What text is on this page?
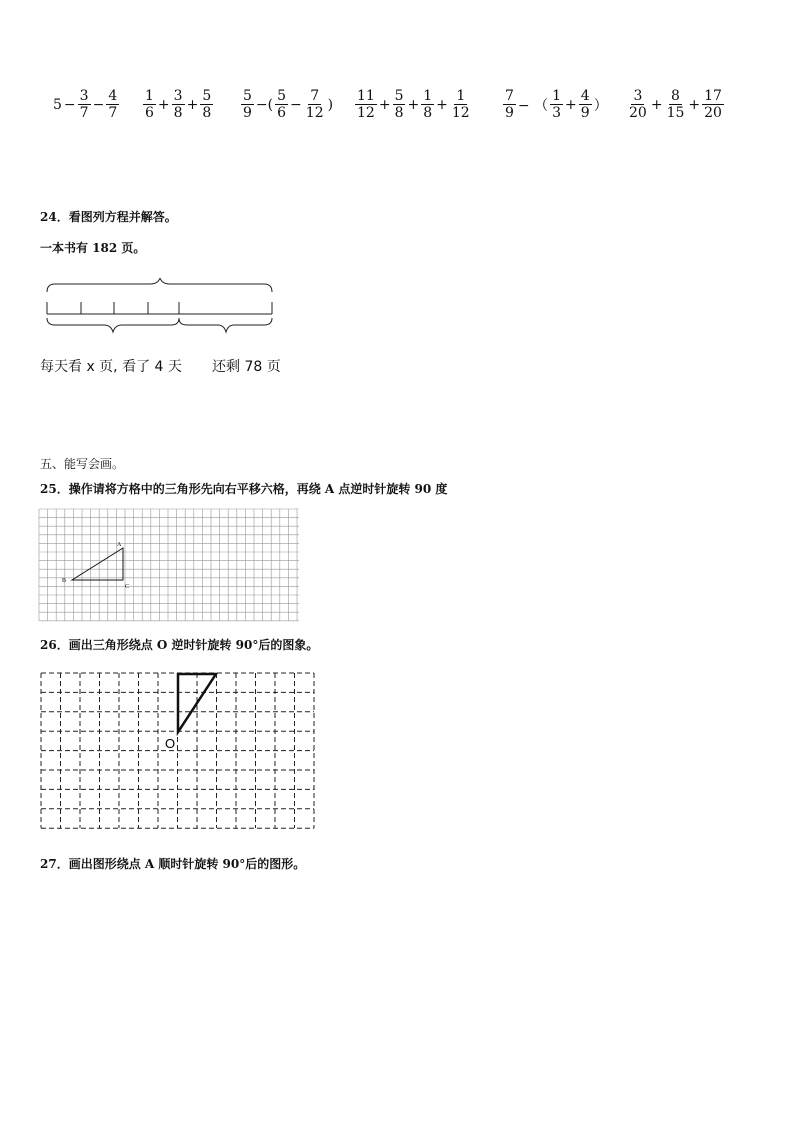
$5 - \frac{3}{7} - \frac{4}{7} \frac{1}{6} + \frac{3}{8} + \frac{5}{8} \frac{5}{9}$ −( $\frac{5}{6} - \frac{7}{12}$ ) $\frac{11}{12} + \frac{5}{8} + \frac{1}{8} + \frac{1}{12} \frac{7}{9}$ − （ $\frac{1}{3} + \frac{4}{9}$ ） $\frac{3}{20} + \frac{8}{15} + \frac{17}{20}$
24．看图列方程并解答。
一本书有 182 页。
每天看 x 页, 看了 4 天 还剩 78 页
五、能写会画。
25．操作请将方格中的三角形先向右平移六格，再绕 A 点逆时针旋转 90 度
A
B
C
26．画出三角形绕点 O 逆时针旋转 90°后的图象。
O
27．画出图形绕点 A 顺时针旋转 90°后的图形。
